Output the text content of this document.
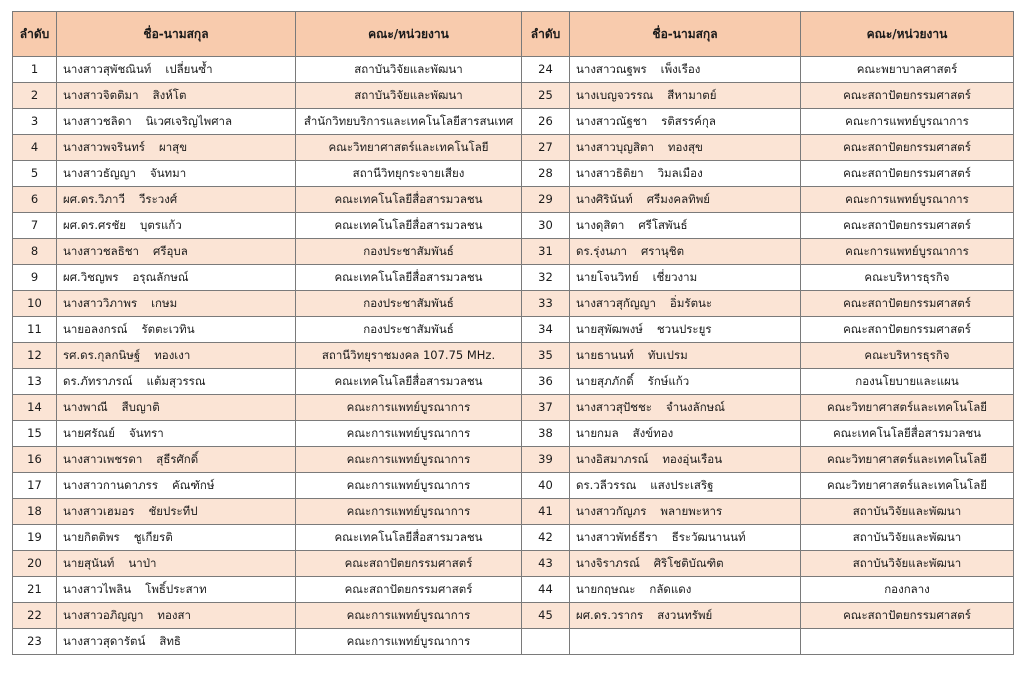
ลำดับ	ชื่อ-นามสกุล	คณะ/หน่วยงาน	ลำดับ	ชื่อ-นามสกุล	คณะ/หน่วยงาน
1	นางสาวสุพัชณินท์ เปลี่ยนซ้ำ	สถาบันวิจัยและพัฒนา	24	นางสาวณฐพร เพ็งเรือง	คณะพยาบาลศาสตร์
2	นางสาวจิตติมา สิงห์โต	สถาบันวิจัยและพัฒนา	25	นางเบญจวรรณ สีหามาตย์	คณะสถาปัตยกรรมศาสตร์
3	นางสาวชลิดา นิเวศเจริญไพศาล	สำนักวิทยบริการและเทคโนโลยีสารสนเทศ	26	นางสาวณัฐชา รติสรรค์กุล	คณะการแพทย์บูรณาการ
4	นางสาวพจรินทร์ ผาสุข	คณะวิทยาศาสตร์และเทคโนโลยี	27	นางสาวบุญสิตา ทองสุข	คณะสถาปัตยกรรมศาสตร์
5	นางสาวธัญญา จันทมา	สถานีวิทยุกระจายเสียง	28	นางสาวธิติยา วิมลเมือง	คณะสถาปัตยกรรมศาสตร์
6	ผศ.ดร.วิภาวี วีระวงศ์	คณะเทคโนโลยีสื่อสารมวลชน	29	นางศิรินันท์ ศรีมงคลทิพย์	คณะการแพทย์บูรณาการ
7	ผศ.ดร.ศรชัย บุตรแก้ว	คณะเทคโนโลยีสื่อสารมวลชน	30	นางดุสิตา ศรีโสพันธ์	คณะสถาปัตยกรรมศาสตร์
8	นางสาวชลธิชา ศรีอุบล	กองประชาสัมพันธ์	31	ดร.รุ่งนภา ศรานุชิต	คณะการแพทย์บูรณาการ
9	ผศ.วิชญพร อรุณลักษณ์	คณะเทคโนโลยีสื่อสารมวลชน	32	นายโจนวิทย์ เชี่ยวงาม	คณะบริหารธุรกิจ
10	นางสาววิภาพร เกษม	กองประชาสัมพันธ์	33	นางสาวสุกัญญา อิ่มรัตนะ	คณะสถาปัตยกรรมศาสตร์
11	นายอลงกรณ์ รัตตะเวทิน	กองประชาสัมพันธ์	34	นายสุพัฒพงษ์ ชวนประยูร	คณะสถาปัตยกรรมศาสตร์
12	รศ.ดร.กุลกนิษฐ์ ทองเงา	สถานีวิทยุราชมงคล 107.75 MHz.	35	นายธานนท์ ทับเปรม	คณะบริหารธุรกิจ
13	ดร.ภัทราภรณ์ แต้มสุวรรณ	คณะเทคโนโลยีสื่อสารมวลชน	36	นายสุภภักดิ์ รักษ์แก้ว	กองนโยบายและแผน
14	นางพาณี สืบญาติ	คณะการแพทย์บูรณาการ	37	นางสาวสุปัชชะ จำนงลักษณ์	คณะวิทยาศาสตร์และเทคโนโลยี
15	นายศรัณย์ จันทรา	คณะการแพทย์บูรณาการ	38	นายกมล สังข์ทอง	คณะเทคโนโลยีสื่อสารมวลชน
16	นางสาวเพชรดา สุธีรศักดิ์	คณะการแพทย์บูรณาการ	39	นางอิสมาภรณ์ ทองอุ่นเรือน	คณะวิทยาศาสตร์และเทคโนโลยี
17	นางสาวกานดาภรร คัณฑักษ์	คณะการแพทย์บูรณาการ	40	ดร.วลีวรรณ แสงประเสริฐ	คณะวิทยาศาสตร์และเทคโนโลยี
18	นางสาวเฮมอร ชัยประทีป	คณะการแพทย์บูรณาการ	41	นางสาวกัญภร พลายพะหาร	สถาบันวิจัยและพัฒนา
19	นายกิตติพร ชูเกียรติ	คณะเทคโนโลยีสื่อสารมวลชน	42	นางสาวพัทธ์ธีรา ธีระวัฒนานนท์	สถาบันวิจัยและพัฒนา
20	นายสุนันท์ นาป่า	คณะสถาปัตยกรรมศาสตร์	43	นางจิราภรณ์ ศิริโชติบัณฑิต	สถาบันวิจัยและพัฒนา
21	นางสาวไพลิน โพธิ์ประสาท	คณะสถาปัตยกรรมศาสตร์	44	นายกฤษณะ กลัดแดง	กองกลาง
22	นางสาวอภิญญา ทองสา	คณะการแพทย์บูรณาการ	45	ผศ.ดร.วรากร สงวนทรัพย์	คณะสถาปัตยกรรมศาสตร์
23	นางสาวสุดารัตน์ สิทธิ	คณะการแพทย์บูรณาการ			
